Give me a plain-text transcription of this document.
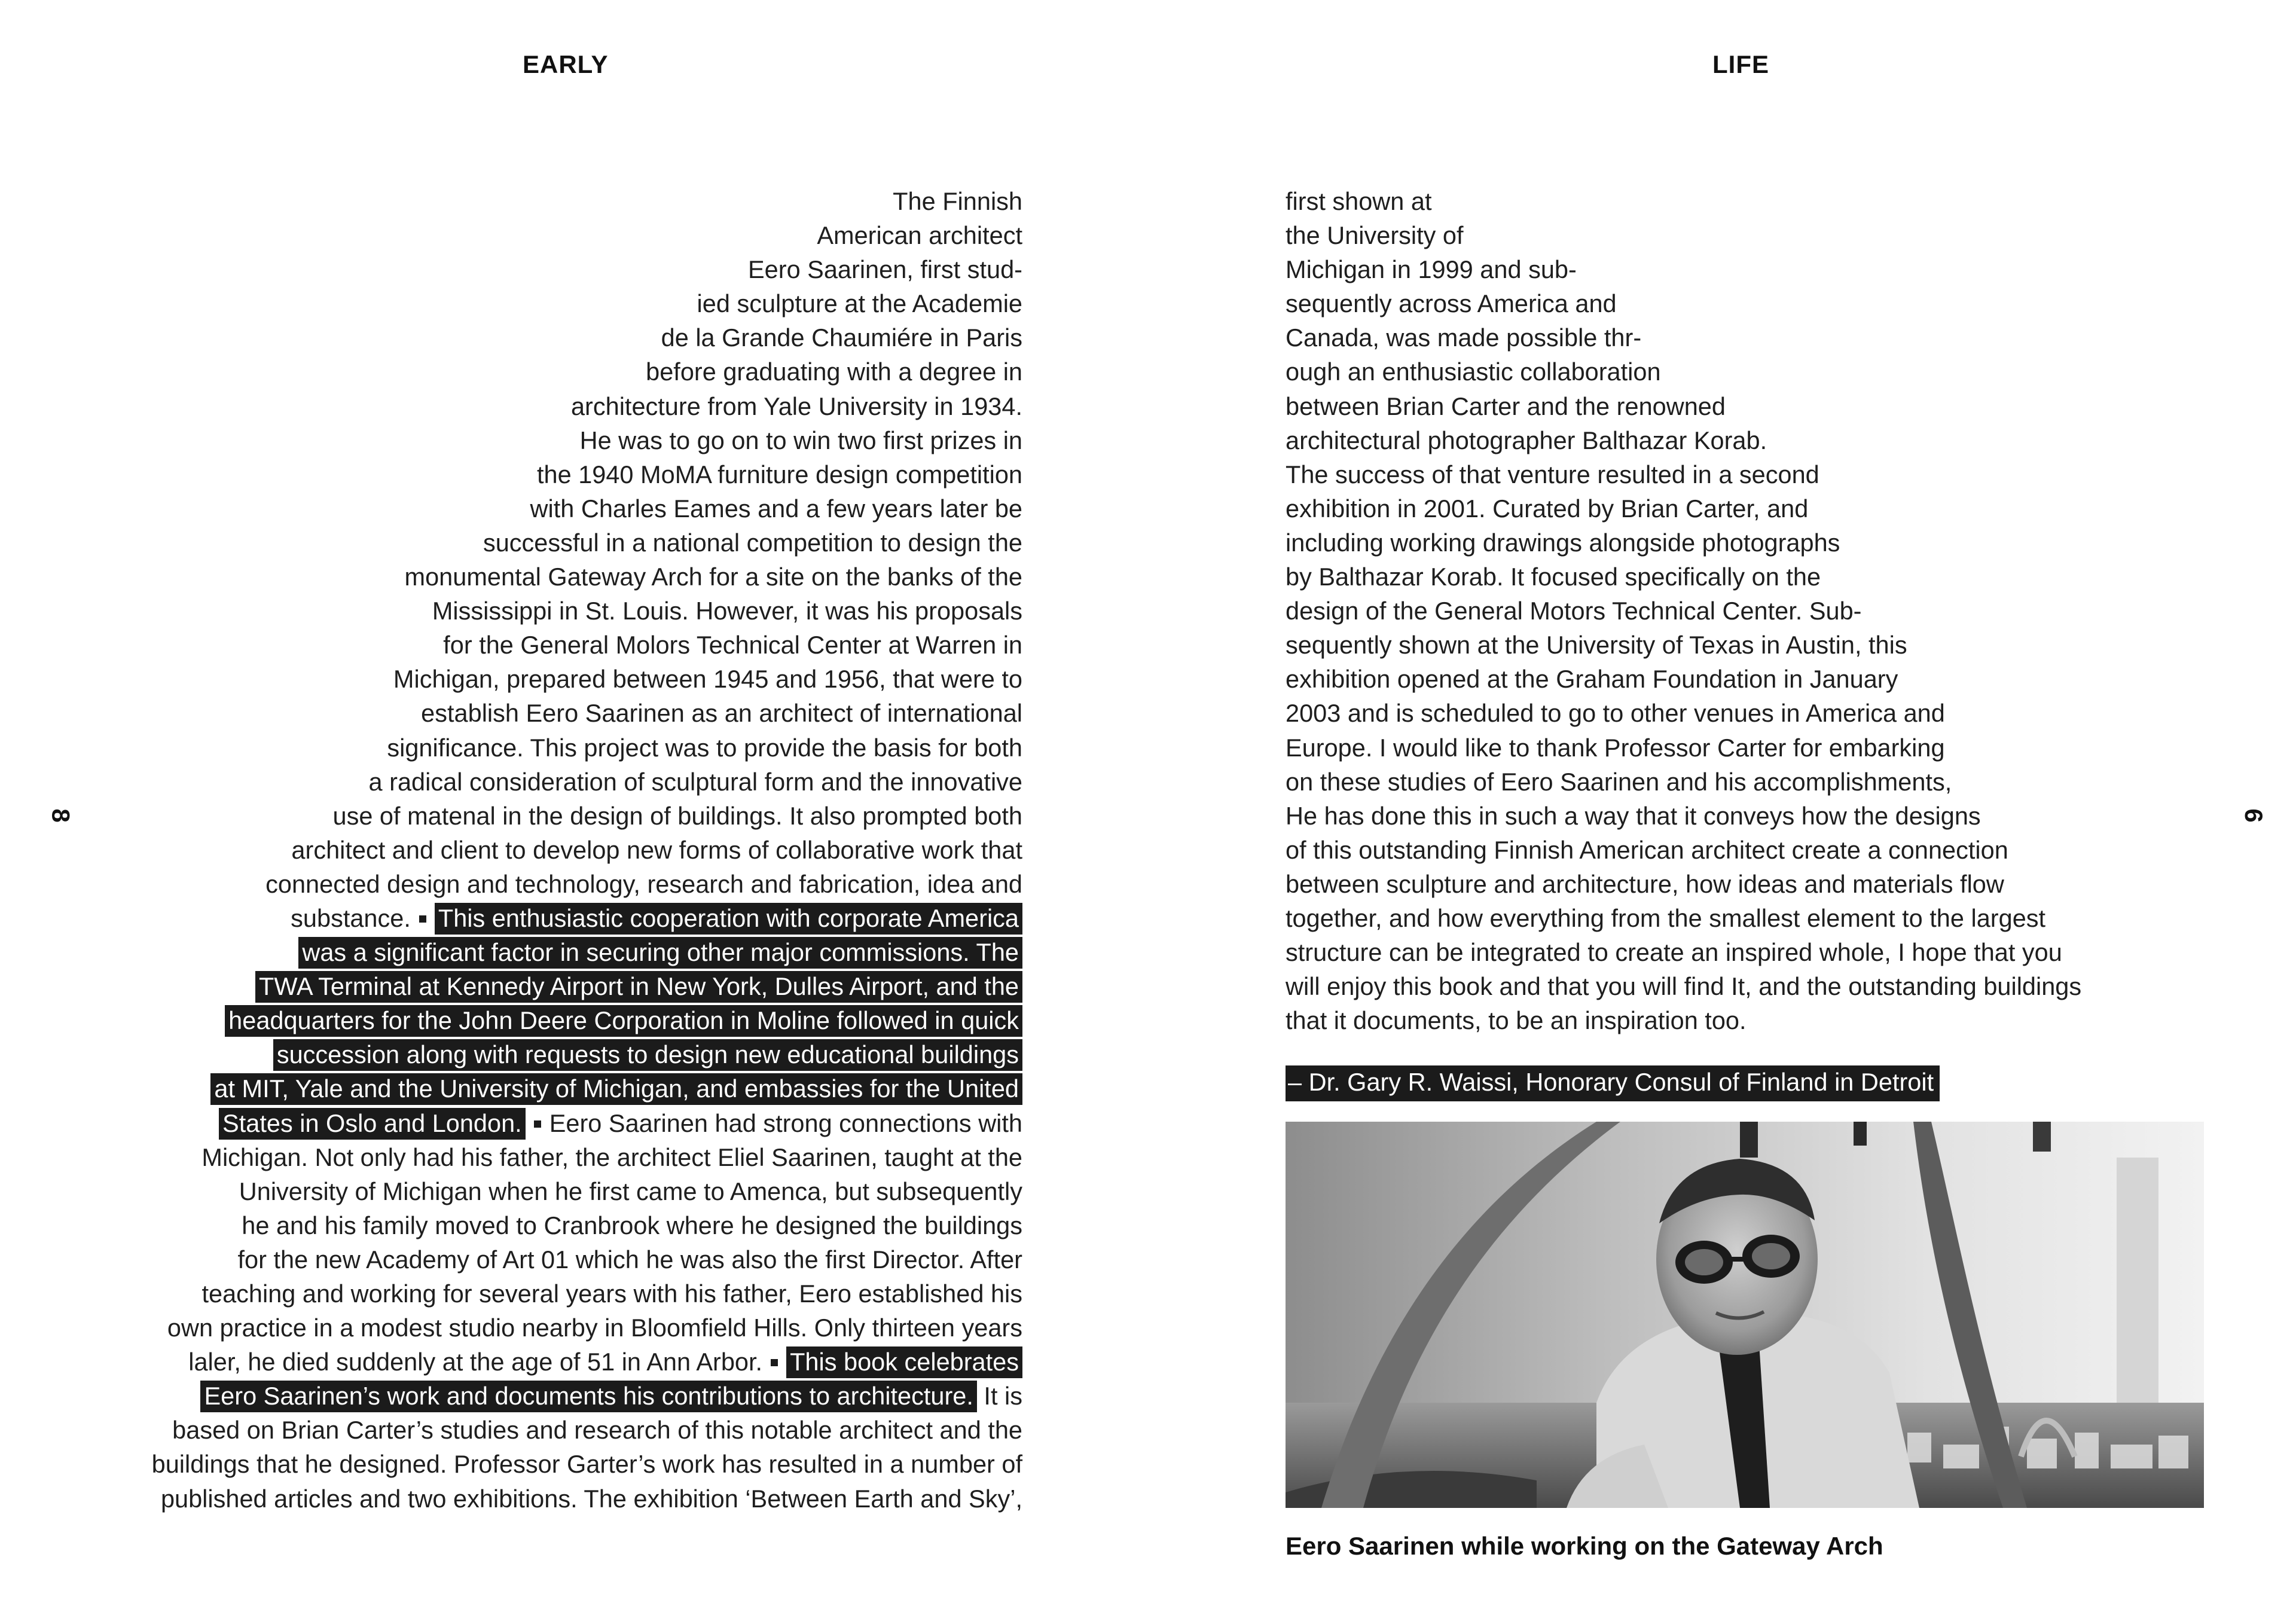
EARLY
8
The Finnish
American architect
Eero Saarinen, first stud-
ied sculpture at the Academie
de la Grande Chaumiére in Paris
before graduating with a degree in
architecture from Yale University in 1934.
He was to go on to win two first prizes in
the 1940 MoMA furniture design competition
with Charles Eames and a few years later be
successful in a national competition to design the
monumental Gateway Arch for a site on the banks of the
Mississippi in St. Louis. However, it was his proposals
for the General Molors Technical Center at Warren in
Michigan, prepared between 1945 and 1956, that were to
establish Eero Saarinen as an architect of international
significance. This project was to provide the basis for both
a radical consideration of sculptural form and the innovative
use of matenal in the design of buildings. It also prompted both
architect and client to develop new forms of collaborative work that
connected design and technology, research and fabrication, idea and
substance. This enthusiastic cooperation with corporate America
was a significant factor in securing other major commissions. The
TWA Terminal at Kennedy Airport in New York, Dulles Airport, and the
headquarters for the John Deere Corporation in Moline followed in quick
succession along with requests to design new educational buildings
at MIT, Yale and the University of Michigan, and embassies for the United
States in Oslo and London. Eero Saarinen had strong connections with
Michigan. Not only had his father, the architect Eliel Saarinen, taught at the
University of Michigan when he first came to Amenca, but subsequently
he and his family moved to Cranbrook where he designed the buildings
for the new Academy of Art 01 which he was also the first Director. After
teaching and working for several years with his father, Eero established his
own practice in a modest studio nearby in Bloomfield Hills. Only thirteen years
laler, he died suddenly at the age of 51 in Ann Arbor. This book celebrates
Eero Saarinen’s work and documents his contributions to architecture. It is
based on Brian Carter’s studies and research of this notable architect and the
buildings that he designed. Professor Garter’s work has resulted in a number of
published articles and two exhibitions. The exhibition ‘Between Earth and Sky’,
LIFE
9
first shown at
the University of
Michigan in 1999 and sub-
sequently across America and
Canada, was made possible thr-
ough an enthusiastic collaboration
between Brian Carter and the renowned
architectural photographer Balthazar Korab.
The success of that venture resulted in a second
exhibition in 2001. Curated by Brian Carter, and
including working drawings alongside photographs
by Balthazar Korab. It focused specifically on the
design of the General Motors Technical Center. Sub-
sequently shown at the University of Texas in Austin, this
exhibition opened at the Graham Foundation in January
2003 and is scheduled to go to other venues in America and
Europe. I would like to thank Professor Carter for embarking
on these studies of Eero Saarinen and his accomplishments,
He has done this in such a way that it conveys how the designs
of this outstanding Finnish American architect create a connection
between sculpture and architecture, how ideas and materials flow
together, and how everything from the smallest element to the largest
structure can be integrated to create an inspired whole, I hope that you
will enjoy this book and that you will find It, and the outstanding buildings
that it documents, to be an inspiration too.
– Dr. Gary R. Waissi, Honorary Consul of Finland in Detroit
Eero Saarinen while working on the Gateway Arch
